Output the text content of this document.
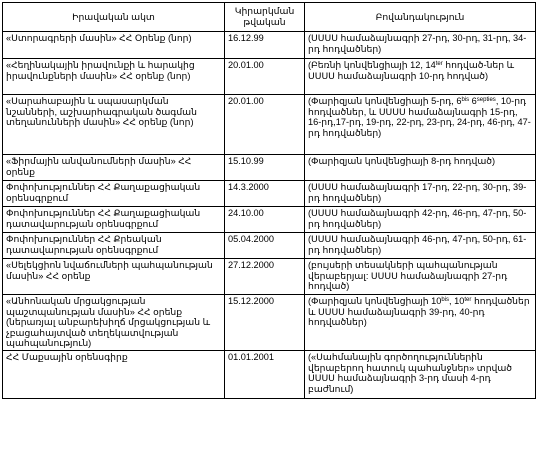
Իրավական ակտ	Կիրարկման թվական	Բովանդակություն
«Ստորագրերի մասին» ՀՀ Օրենք (նոր)	16.12.99	(ՍՍՍՍ համաձայնագրի 27-րդ, 30-րդ, 31-րդ, 34-րդ հոդվածներ)
«Հեղինակային իրավունքի և հարակից իրավունքների մասին» ՀՀ օրենք (նոր)	20.01.00	(Բեռնի կոնվենցիայի 12, $14^{ter}$ հոդված-ներ և ՍՍՍՍ համաձայնագրի 10-րդ հոդված)
«Սարահաբային և սպասարկման նշանների, աշխարհագրական ծագման տեղանունների մասին» ՀՀ օրենք (նոր)	20.01.00	(Փարիզյան կոնվենցիայի 5-րդ, $6^{bis}$ $6^{septies}$, 10-րդ հոդվածներ, և ՍՍՍՍ համաձայնագրի 15-րդ, 16-րդ,17-րդ, 19-րդ, 22-րդ, 23-րդ, 24-րդ, 46-րդ, 47-րդ հոդվածներ)
«Ֆիրմային անվանումների մասին» ՀՀ օրենք	15.10.99	(Փարիզյան կոնվենցիայի 8-րդ հոդված)
Փոփոխություններ ՀՀ Քաղաքացիական օրենսգրքում	14.3.2000	(ՍՍՍՍ համաձայնագրի 17-րդ, 22-րդ, 30-րդ, 39-րդ հոդվածներ)
Փոփոխություններ ՀՀ Քաղաքացիական դատավարության օրենսգրքում	24.10.00	(ՍՍՍՍ համաձայնագրի 42-րդ, 46-րդ, 47-րդ, 50-րդ հոդվածներ)
Փոփոխություններ ՀՀ Քրեական դատավարության օրենսգրքում	05.04.2000	(ՍՍՍՍ համաձայնագրի 46-րդ, 47-րդ, 50-րդ, 61-րդ հոդվածներ)
«Սելեկցիոն նվաճումների պահպանության մասին» ՀՀ օրենք	27.12.2000	(բույսերի տեսակների պահպանության վերաբերյալ: ՍՍՍՍ համաձայնագրի 27-րդ հոդված)
«Անհոնական մրցակցության պաշտպանության մասին» ՀՀ օրենք (ներառյալ անբարեխիղճ մրցակցության և չբացահայտված տեղեկատվության պահպանություն)	15.12.2000	(Փարիզյան կոնվենցիայի $10^{bis}$, $10^{ter}$ հոդվածներ և ՍՍՍՍ համաձայնագրի 39-րդ, 40-րդ հոդվածներ)
ՀՀ Մաքսային օրենսգիրք	01.01.2001	(«Սահմանային գործողություններին վերաբերող հատուկ պահանջներ» տրված ՍՍՍՍ համաձայնագրի 3-րդ մասի 4-րդ բաժնում)
